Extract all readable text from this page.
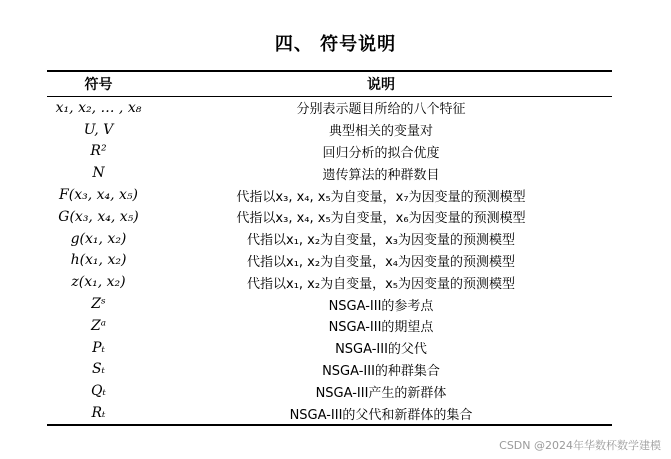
四、 符号说明
符号	说明
x₁, x₂, … , x₈	分别表示题目所给的八个特征
U, V	典型相关的变量对
R²	回归分析的拟合优度
N	遗传算法的种群数目
F(x₃, x₄, x₅)	代指以x₃, x₄, x₅为自变量，x₇为因变量的预测模型
G(x₃, x₄, x₅)	代指以x₃, x₄, x₅为自变量，x₆为因变量的预测模型
g(x₁, x₂)	代指以x₁, x₂为自变量，x₃为因变量的预测模型
h(x₁, x₂)	代指以x₁, x₂为自变量，x₄为因变量的预测模型
z(x₁, x₂)	代指以x₁, x₂为自变量，x₅为因变量的预测模型
Zˢ	NSGA-III的参考点
Zᵃ	NSGA-III的期望点
Pₜ	NSGA-III的父代
Sₜ	NSGA-III的种群集合
Qₜ	NSGA-III产生的新群体
Rₜ	NSGA-III的父代和新群体的集合
CSDN @2024年华数杯数学建模
